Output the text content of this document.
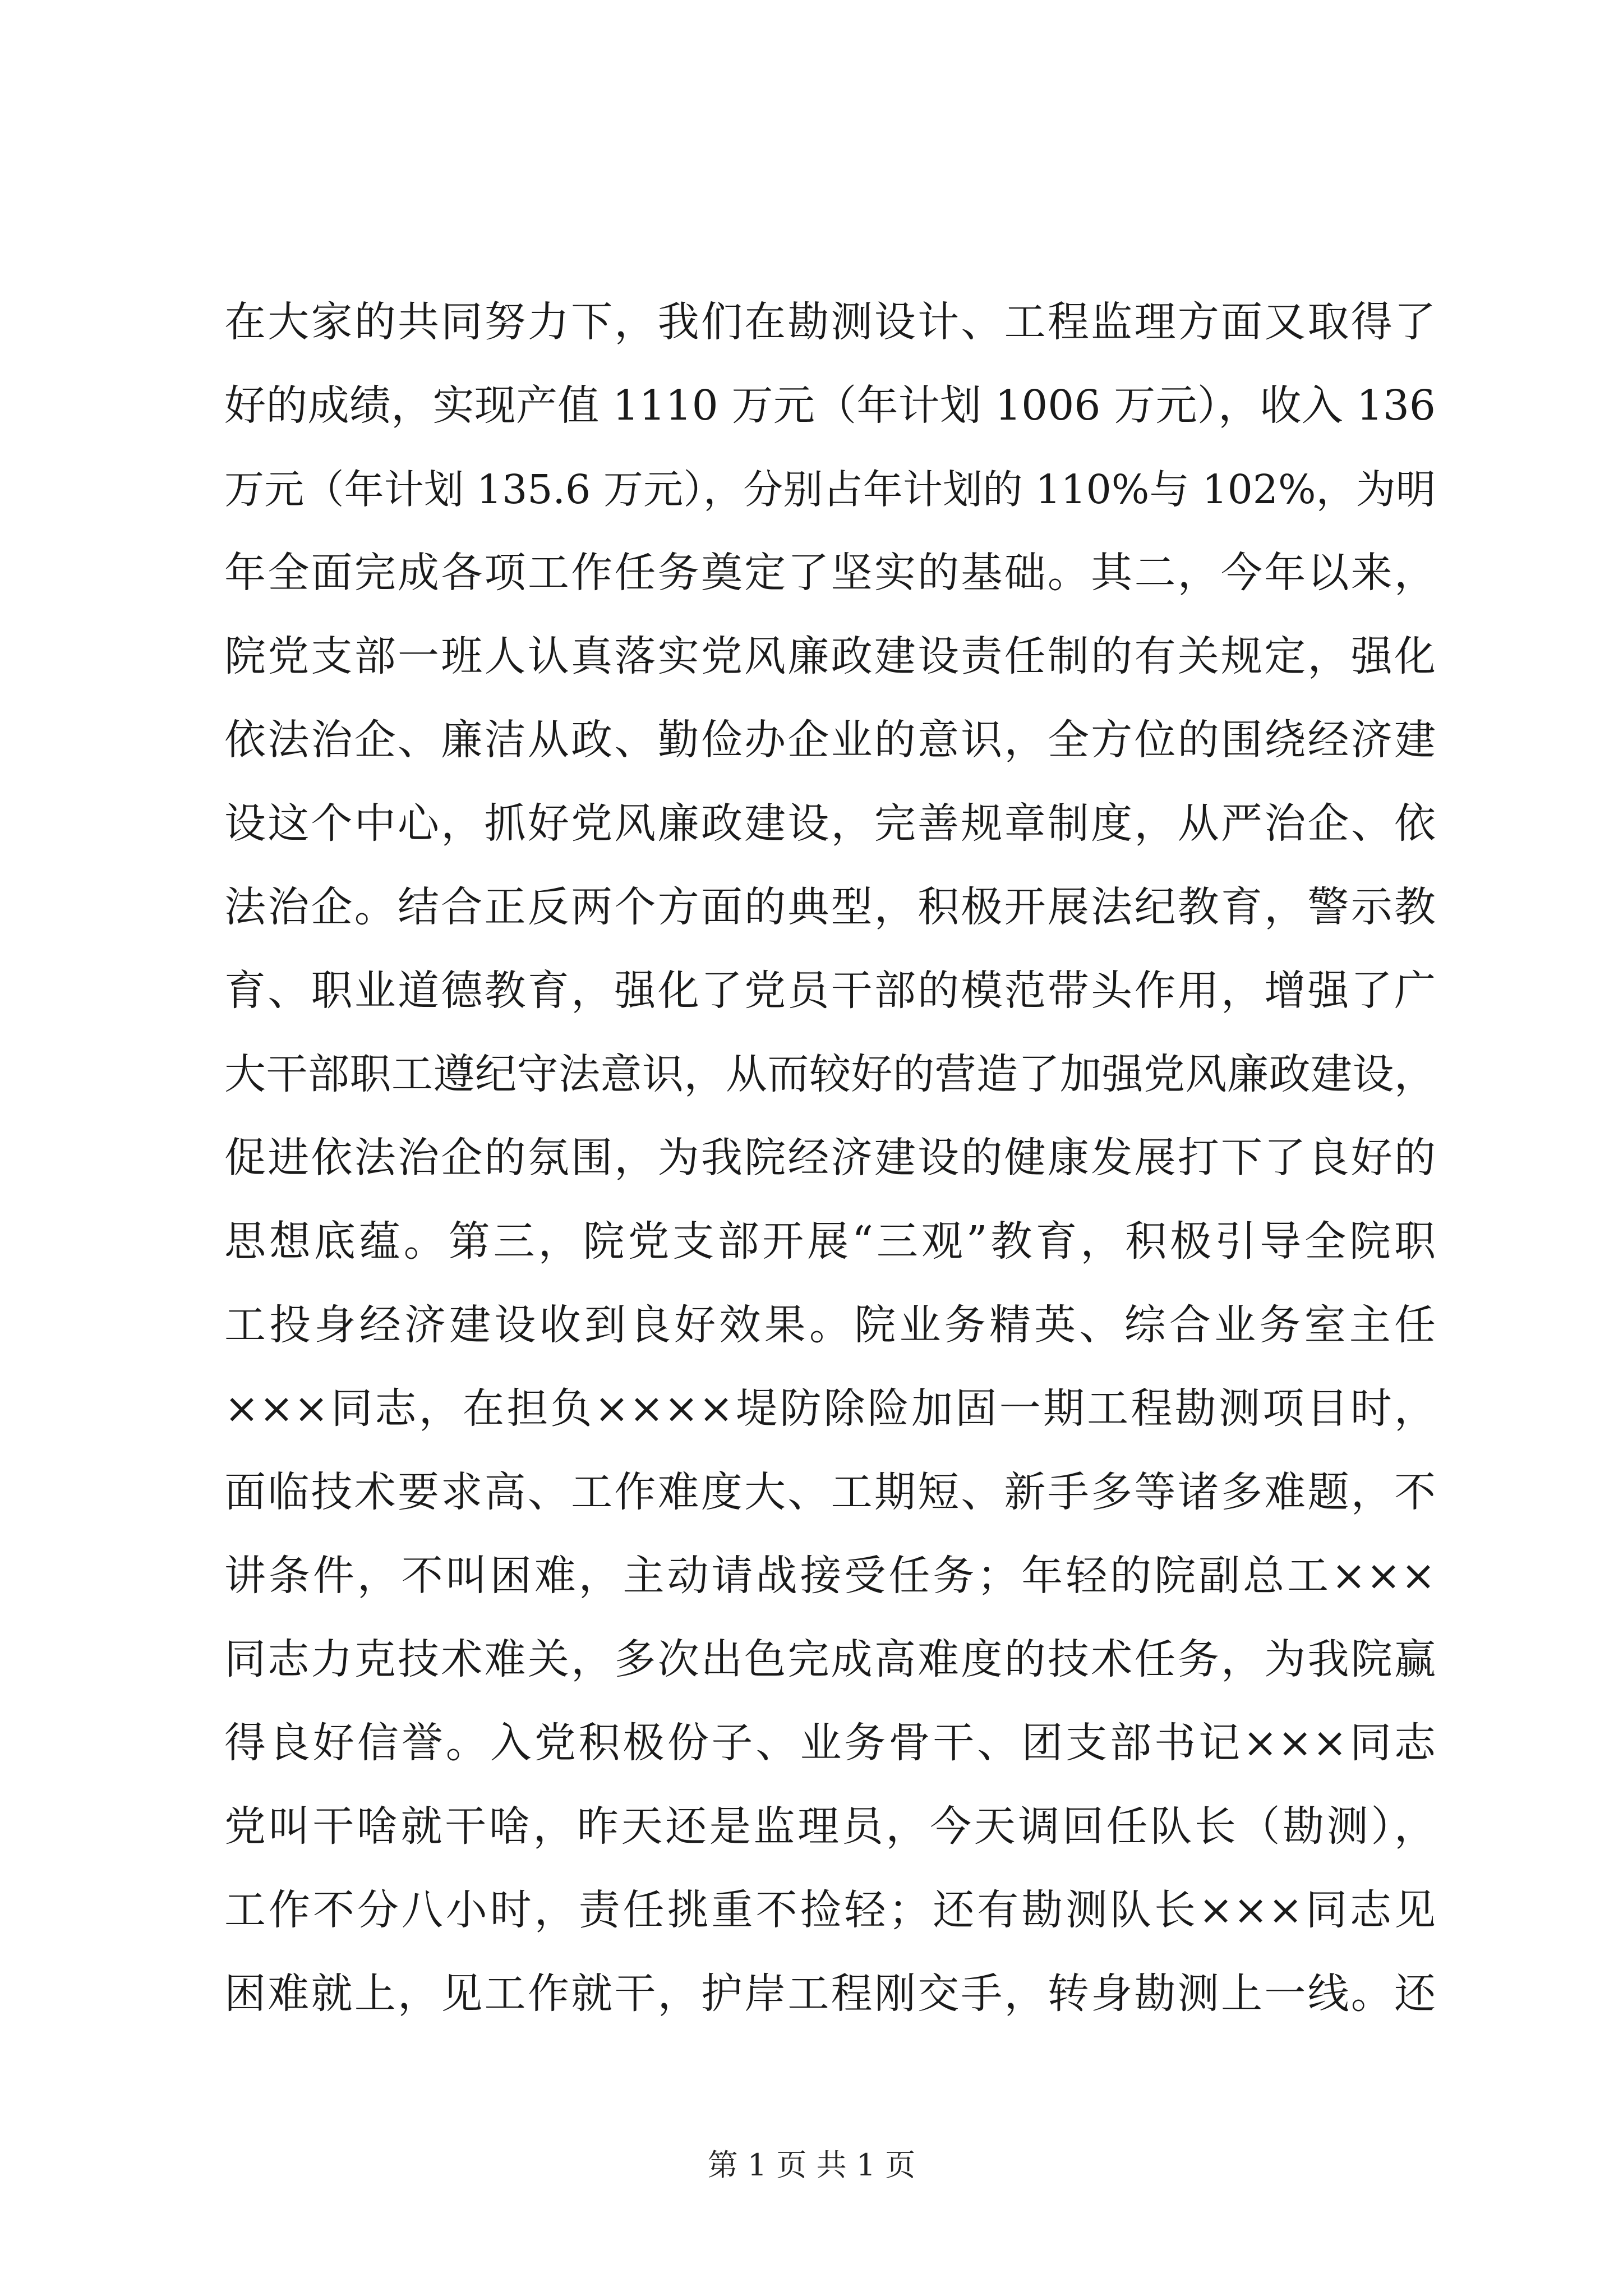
在大家的共同努力下，我们在勘测设计、工程监理方面又取得了
好的成绩，实现产值 1110 万元（年计划 1006 万元），收入 136
万元（年计划 135.6 万元），分别占年计划的 110%与 102%，为明
年全面完成各项工作任务奠定了坚实的基础。其二，今年以来，
院党支部一班人认真落实党风廉政建设责任制的有关规定，强化
依法治企、廉洁从政、勤俭办企业的意识，全方位的围绕经济建
设这个中心，抓好党风廉政建设，完善规章制度，从严治企、依
法治企。结合正反两个方面的典型，积极开展法纪教育，警示教
育、职业道德教育，强化了党员干部的模范带头作用，增强了广
大干部职工遵纪守法意识，从而较好的营造了加强党风廉政建设，
促进依法治企的氛围，为我院经济建设的健康发展打下了良好的
思想底蕴。第三，院党支部开展“三观”教育，积极引导全院职
工投身经济建设收到良好效果。院业务精英、综合业务室主任
×××同志，在担负××××堤防除险加固一期工程勘测项目时，
面临技术要求高、工作难度大、工期短、新手多等诸多难题，不
讲条件，不叫困难，主动请战接受任务；年轻的院副总工×××
同志力克技术难关，多次出色完成高难度的技术任务，为我院赢
得良好信誉。入党积极份子、业务骨干、团支部书记×××同志
党叫干啥就干啥，昨天还是监理员，今天调回任队长（勘测），
工作不分八小时，责任挑重不捡轻；还有勘测队长×××同志见
困难就上，见工作就干，护岸工程刚交手，转身勘测上一线。还
第 1 页 共 1 页
